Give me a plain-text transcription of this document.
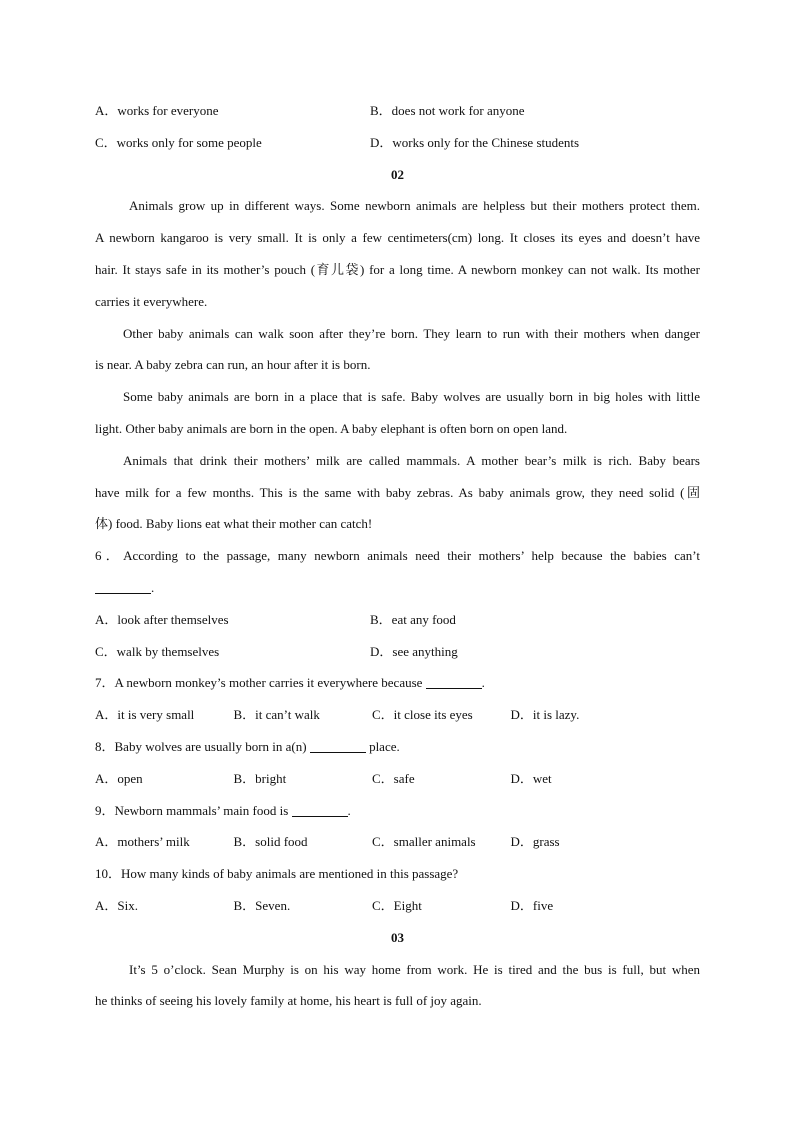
A．works for everyone	B．does not work for anyone
C．works only for some people	D．works only for the Chinese students
02
Animals grow up in different ways. Some newborn animals are helpless but their mothers protect them.
A newborn kangaroo is very small. It is only a few centimeters(cm) long. It closes its eyes and doesn’t have
hair. It stays safe in its mother’s pouch (育儿袋) for a long time. A newborn monkey can not walk. Its mother
carries it everywhere.
Other baby animals can walk soon after they’re born. They learn to run with their mothers when danger
is near. A baby zebra can run, an hour after it is born.
Some baby animals are born in a place that is safe. Baby wolves are usually born in big holes with little
light. Other baby animals are born in the open. A baby elephant is often born on open land.
Animals that drink their mothers’ milk are called mammals. A mother bear’s milk is rich. Baby bears
have milk for a few months. This is the same with baby zebras. As baby animals grow, they need solid (固
体) food. Baby lions eat what their mother can catch!
6．According to the passage, many newborn animals need their mothers’ help because the babies can’t
.
A．look after themselves	B．eat any food
C．walk by themselves	D．see anything
7．A newborn monkey’s mother carries it everywhere because	.
A．it is very small	B．it can’t walk	C．it close its eyes	D．it is lazy.
8．Baby wolves are usually born in a(n)	place.
A．open	B．bright	C．safe	D．wet
9．Newborn mammals’ main food is	.
A．mothers’ milk	B．solid food	C．smaller animals	D．grass
10．How many kinds of baby animals are mentioned in this passage?
A．Six.	B．Seven.	C．Eight	D．five
03
It’s 5 o’clock. Sean Murphy is on his way home from work. He is tired and the bus is full, but when
he thinks of seeing his lovely family at home, his heart is full of joy again.
